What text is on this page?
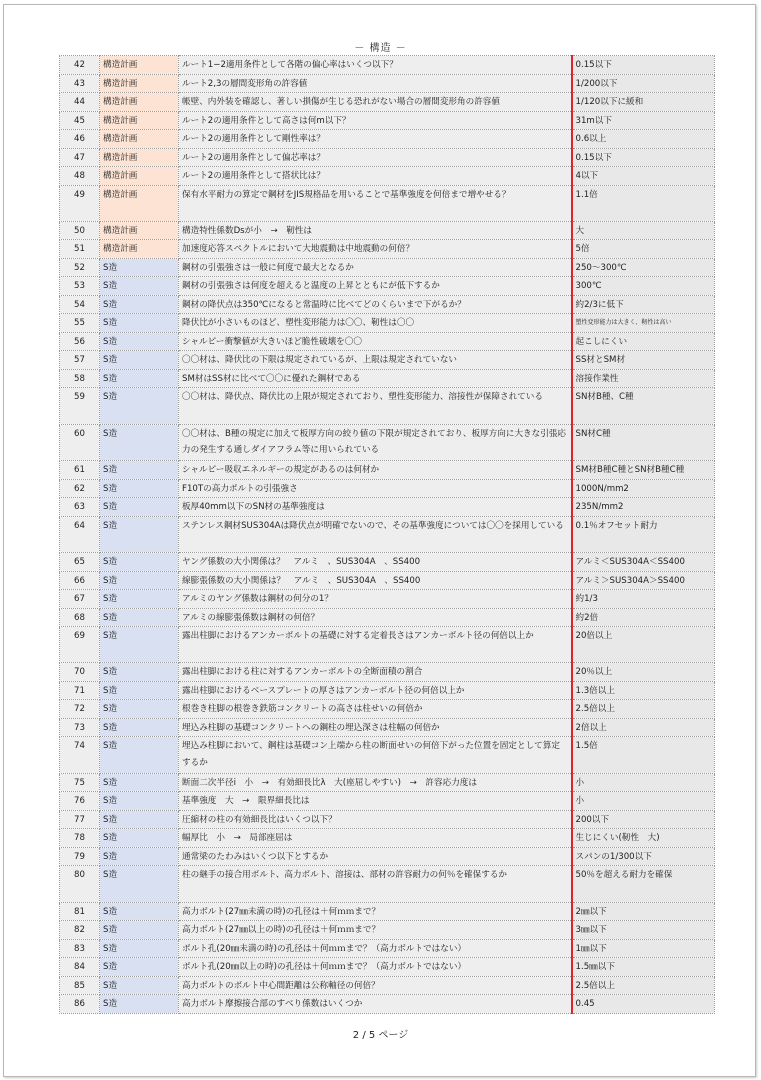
－ 構造 －
42	構造計画	ルート1−2適用条件として各階の偏心率はいくつ以下？	0.15以下
43	構造計画	ルート2,3の層間変形角の許容値	1/200以下
44	構造計画	帳壁、内外装を確認し、著しい損傷が生じる恐れがない場合の層間変形角の許容値	1/120以下に緩和
45	構造計画	ルート2の適用条件として高さは何m以下？	31m以下
46	構造計画	ルート2の適用条件として剛性率は？	0.6以上
47	構造計画	ルート2の適用条件として偏芯率は？	0.15以下
48	構造計画	ルート2の適用条件として搭状比は？	4以下
49	構造計画	保有水平耐力の算定で鋼材をJIS規格品を用いることで基準強度を何倍まで増やせる？	1.1倍
50	構造計画	構造特性係数Dsが小　→　靭性は	大
51	構造計画	加速度応答スペクトルにおいて大地震動は中地震動の何倍？	5倍
52	S造	鋼材の引張強さは一般に何度で最大となるか	250～300℃
53	S造	鋼材の引張強さは何度を超えると温度の上昇とともにが低下するか	300℃
54	S造	鋼材の降伏点は350℃になると常温時に比べてどのくらいまで下がるか？	約2/3に低下
55	S造	降伏比が小さいものほど、塑性変形能力は〇〇、靭性は〇〇	塑性変形能力は大きく、靭性は高い
56	S造	シャルピー衝撃値が大きいほど脆性破壊を〇〇	起こしにくい
57	S造	〇〇材は、降伏比の下限は規定されているが、上限は規定されていない	SS材とSM材
58	S造	SM材はSS材に比べて〇〇に優れた鋼材である	溶接作業性
59	S造	〇〇材は、降伏点、降伏比の上限が規定されており、塑性変形能力、溶接性が保障されている	SN材B種、C種
60	S造	〇〇材は、B種の規定に加えて板厚方向の絞り値の下限が規定されており、板厚方向に大きな引張応力の発生する通しダイアフラム等に用いられている	SN材C種
61	S造	シャルピー吸収エネルギーの規定があるのは何材か	SM材B種C種とSN材B種C種
62	S造	F10Tの高力ボルトの引張強さ	1000N/mm2
63	S造	板厚40mm以下のSN材の基準強度は	235N/mm2
64	S造	ステンレス鋼材SUS304Aは降伏点が明確でないので、その基準強度については〇〇を採用している	0.1％オフセット耐力
65	S造	ヤング係数の大小関係は？　アルミ　、SUS304A　、SS400	アルミ＜SUS304A＜SS400
66	S造	線膨張係数の大小関係は？　アルミ　、SUS304A　、SS400	アルミ＞SUS304A＞SS400
67	S造	アルミのヤング係数は鋼材の何分の1？	約1/3
68	S造	アルミの線膨張係数は鋼材の何倍？	約2倍
69	S造	露出柱脚におけるアンカーボルトの基礎に対する定着長さはアンカーボルト径の何倍以上か	20倍以上
70	S造	露出柱脚における柱に対するアンカーボルトの全断面積の割合	20％以上
71	S造	露出柱脚におけるベースプレートの厚さはアンカーボルト径の何倍以上か	1.3倍以上
72	S造	根巻き柱脚の根巻き鉄筋コンクリートの高さは柱せいの何倍か	2.5倍以上
73	S造	埋込み柱脚の基礎コンクリートへの鋼柱の埋込深さは柱幅の何倍か	2倍以上
74	S造	埋込み柱脚において、鋼柱は基礎コン上端から柱の断面せいの何倍下がった位置を固定として算定するか	1.5倍
75	S造	断面二次半径i　小　→　有効細長比λ　大(座屈しやすい)　→　許容応力度は	小
76	S造	基準強度　大　→　限界細長比は	小
77	S造	圧縮材の柱の有効細長比はいくつ以下？	200以下
78	S造	幅厚比　小　→　局部座屈は	生じにくい(靭性　大)
79	S造	通常梁のたわみはいくつ以下とするか	スパンの1/300以下
80	S造	柱の継手の接合用ボルト、高力ボルト、溶接は、部材の許容耐力の何％を確保するか	50％を超える耐力を確保
81	S造	高力ボルト(27㎜未満の時)の孔径は＋何ｍｍまで？	2㎜以下
82	S造	高力ボルト(27㎜以上の時)の孔径は＋何ｍｍまで？	3㎜以下
83	S造	ボルト孔(20㎜未満の時)の孔径は＋何ｍｍまで？（高力ボルトではない）	1㎜以下
84	S造	ボルト孔(20㎜以上の時)の孔径は＋何ｍｍまで？（高力ボルトではない）	1.5㎜以下
85	S造	高力ボルトのボルト中心間距離は公称軸径の何倍？	2.5倍以上
86	S造	高力ボルト摩擦接合部のすべり係数はいくつか	0.45
2 / 5 ページ
